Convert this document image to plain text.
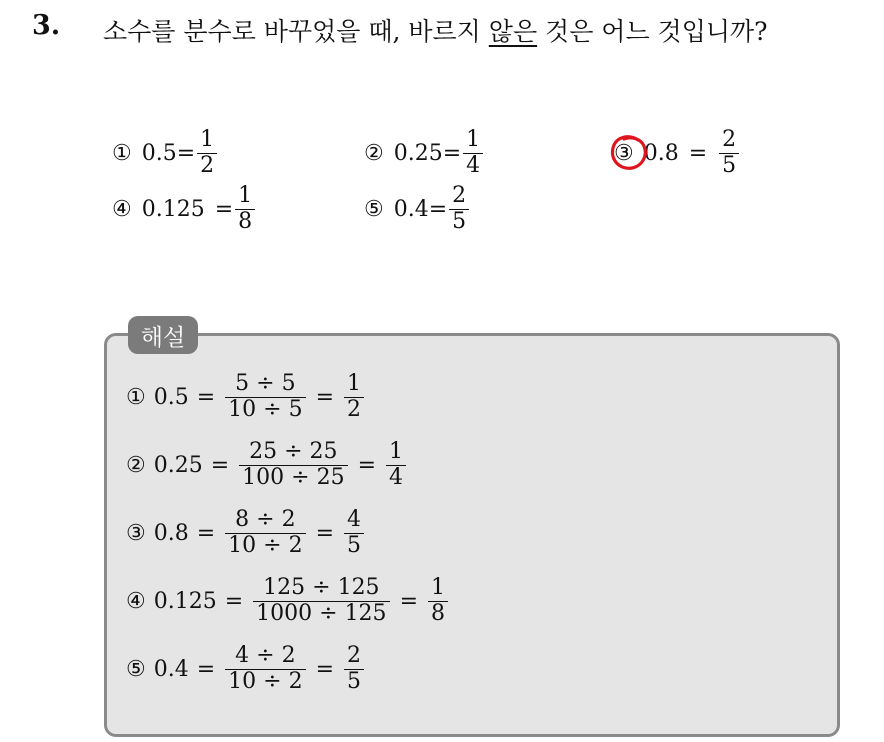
3. 소수를 분수로 바꾸었을 때, 바르지 않은 것은 어느 것입니까?
① $0.5 = \frac{1}{2}$	② $0.25 = \frac{1}{4}$	③ $0.8 = \frac{2}{5}$
④ $0.125 = \frac{1}{8}$	⑤ $0.4 = \frac{2}{5}$
해설
① $0.5 = \frac{5 \div 5}{10 \div 5} = \frac{1}{2}$
② $0.25 = \frac{25 \div 25}{100 \div 25} = \frac{1}{4}$
③ $0.8 = \frac{8 \div 2}{10 \div 2} = \frac{4}{5}$
④ $0.125 = \frac{125 \div 125}{1000 \div 125} = \frac{1}{8}$
⑤ $0.4 = \frac{4 \div 2}{10 \div 2} = \frac{2}{5}$
